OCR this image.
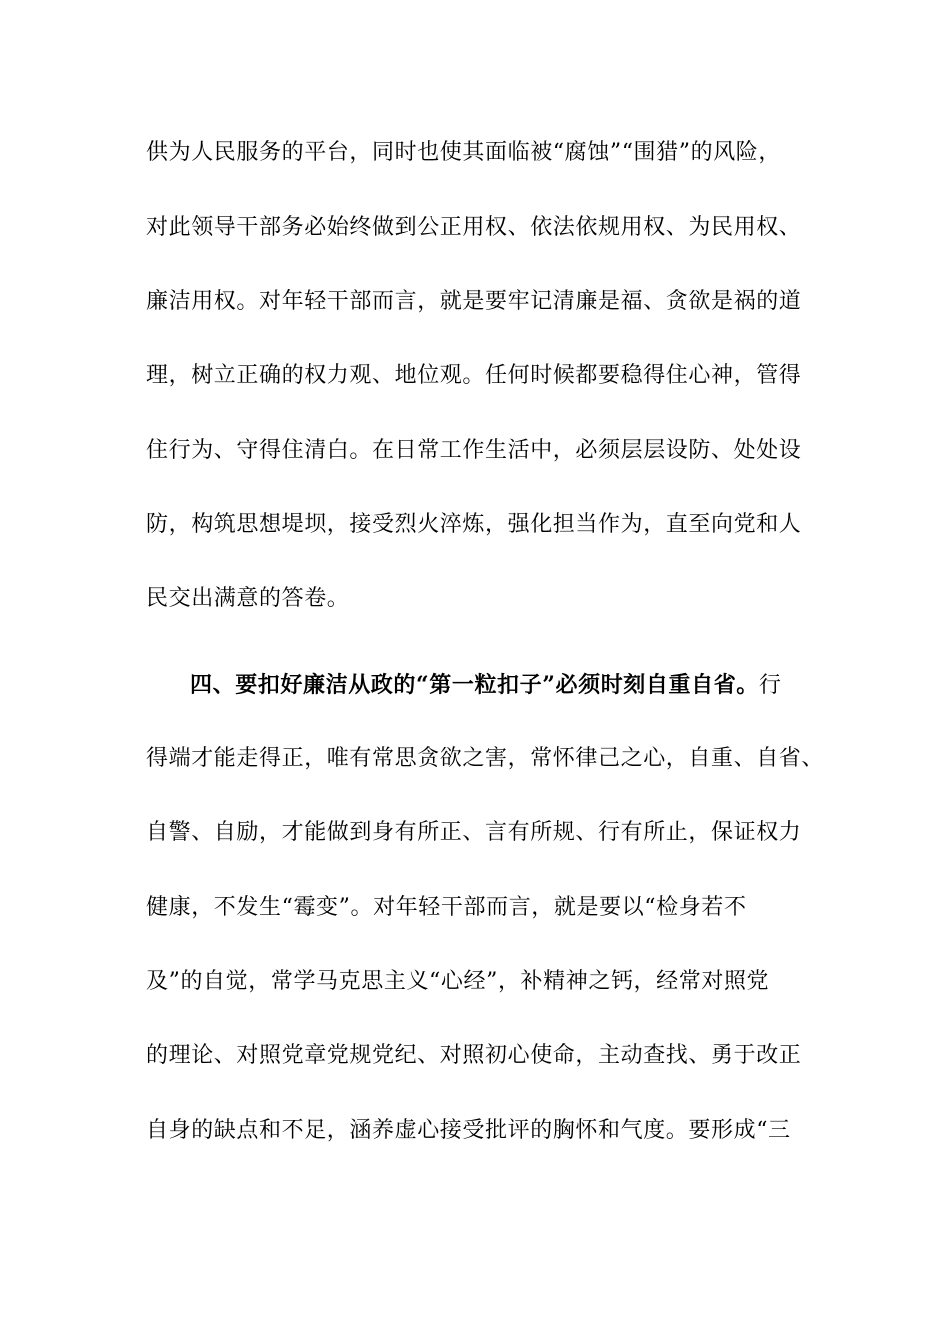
供为人民服务的平台，同时也使其面临被“腐蚀”“围猎”的风险，
对此领导干部务必始终做到公正用权、依法依规用权、为民用权、
廉洁用权。对年轻干部而言，就是要牢记清廉是福、贪欲是祸的道
理，树立正确的权力观、地位观。任何时候都要稳得住心神，管得
住行为、守得住清白。在日常工作生活中，必须层层设防、处处设
防，构筑思想堤坝，接受烈火淬炼，强化担当作为，直至向党和人
民交出满意的答卷。
四、要扣好廉洁从政的“第一粒扣子”必须时刻自重自省。行
得端才能走得正，唯有常思贪欲之害，常怀律己之心，自重、自省、
自警、自励，才能做到身有所正、言有所规、行有所止，保证权力
健康，不发生“霉变”。对年轻干部而言，就是要以“检身若不
及”的自觉，常学马克思主义“心经”，补精神之钙，经常对照党
的理论、对照党章党规党纪、对照初心使命，主动查找、勇于改正
自身的缺点和不足，涵养虚心接受批评的胸怀和气度。要形成“三
